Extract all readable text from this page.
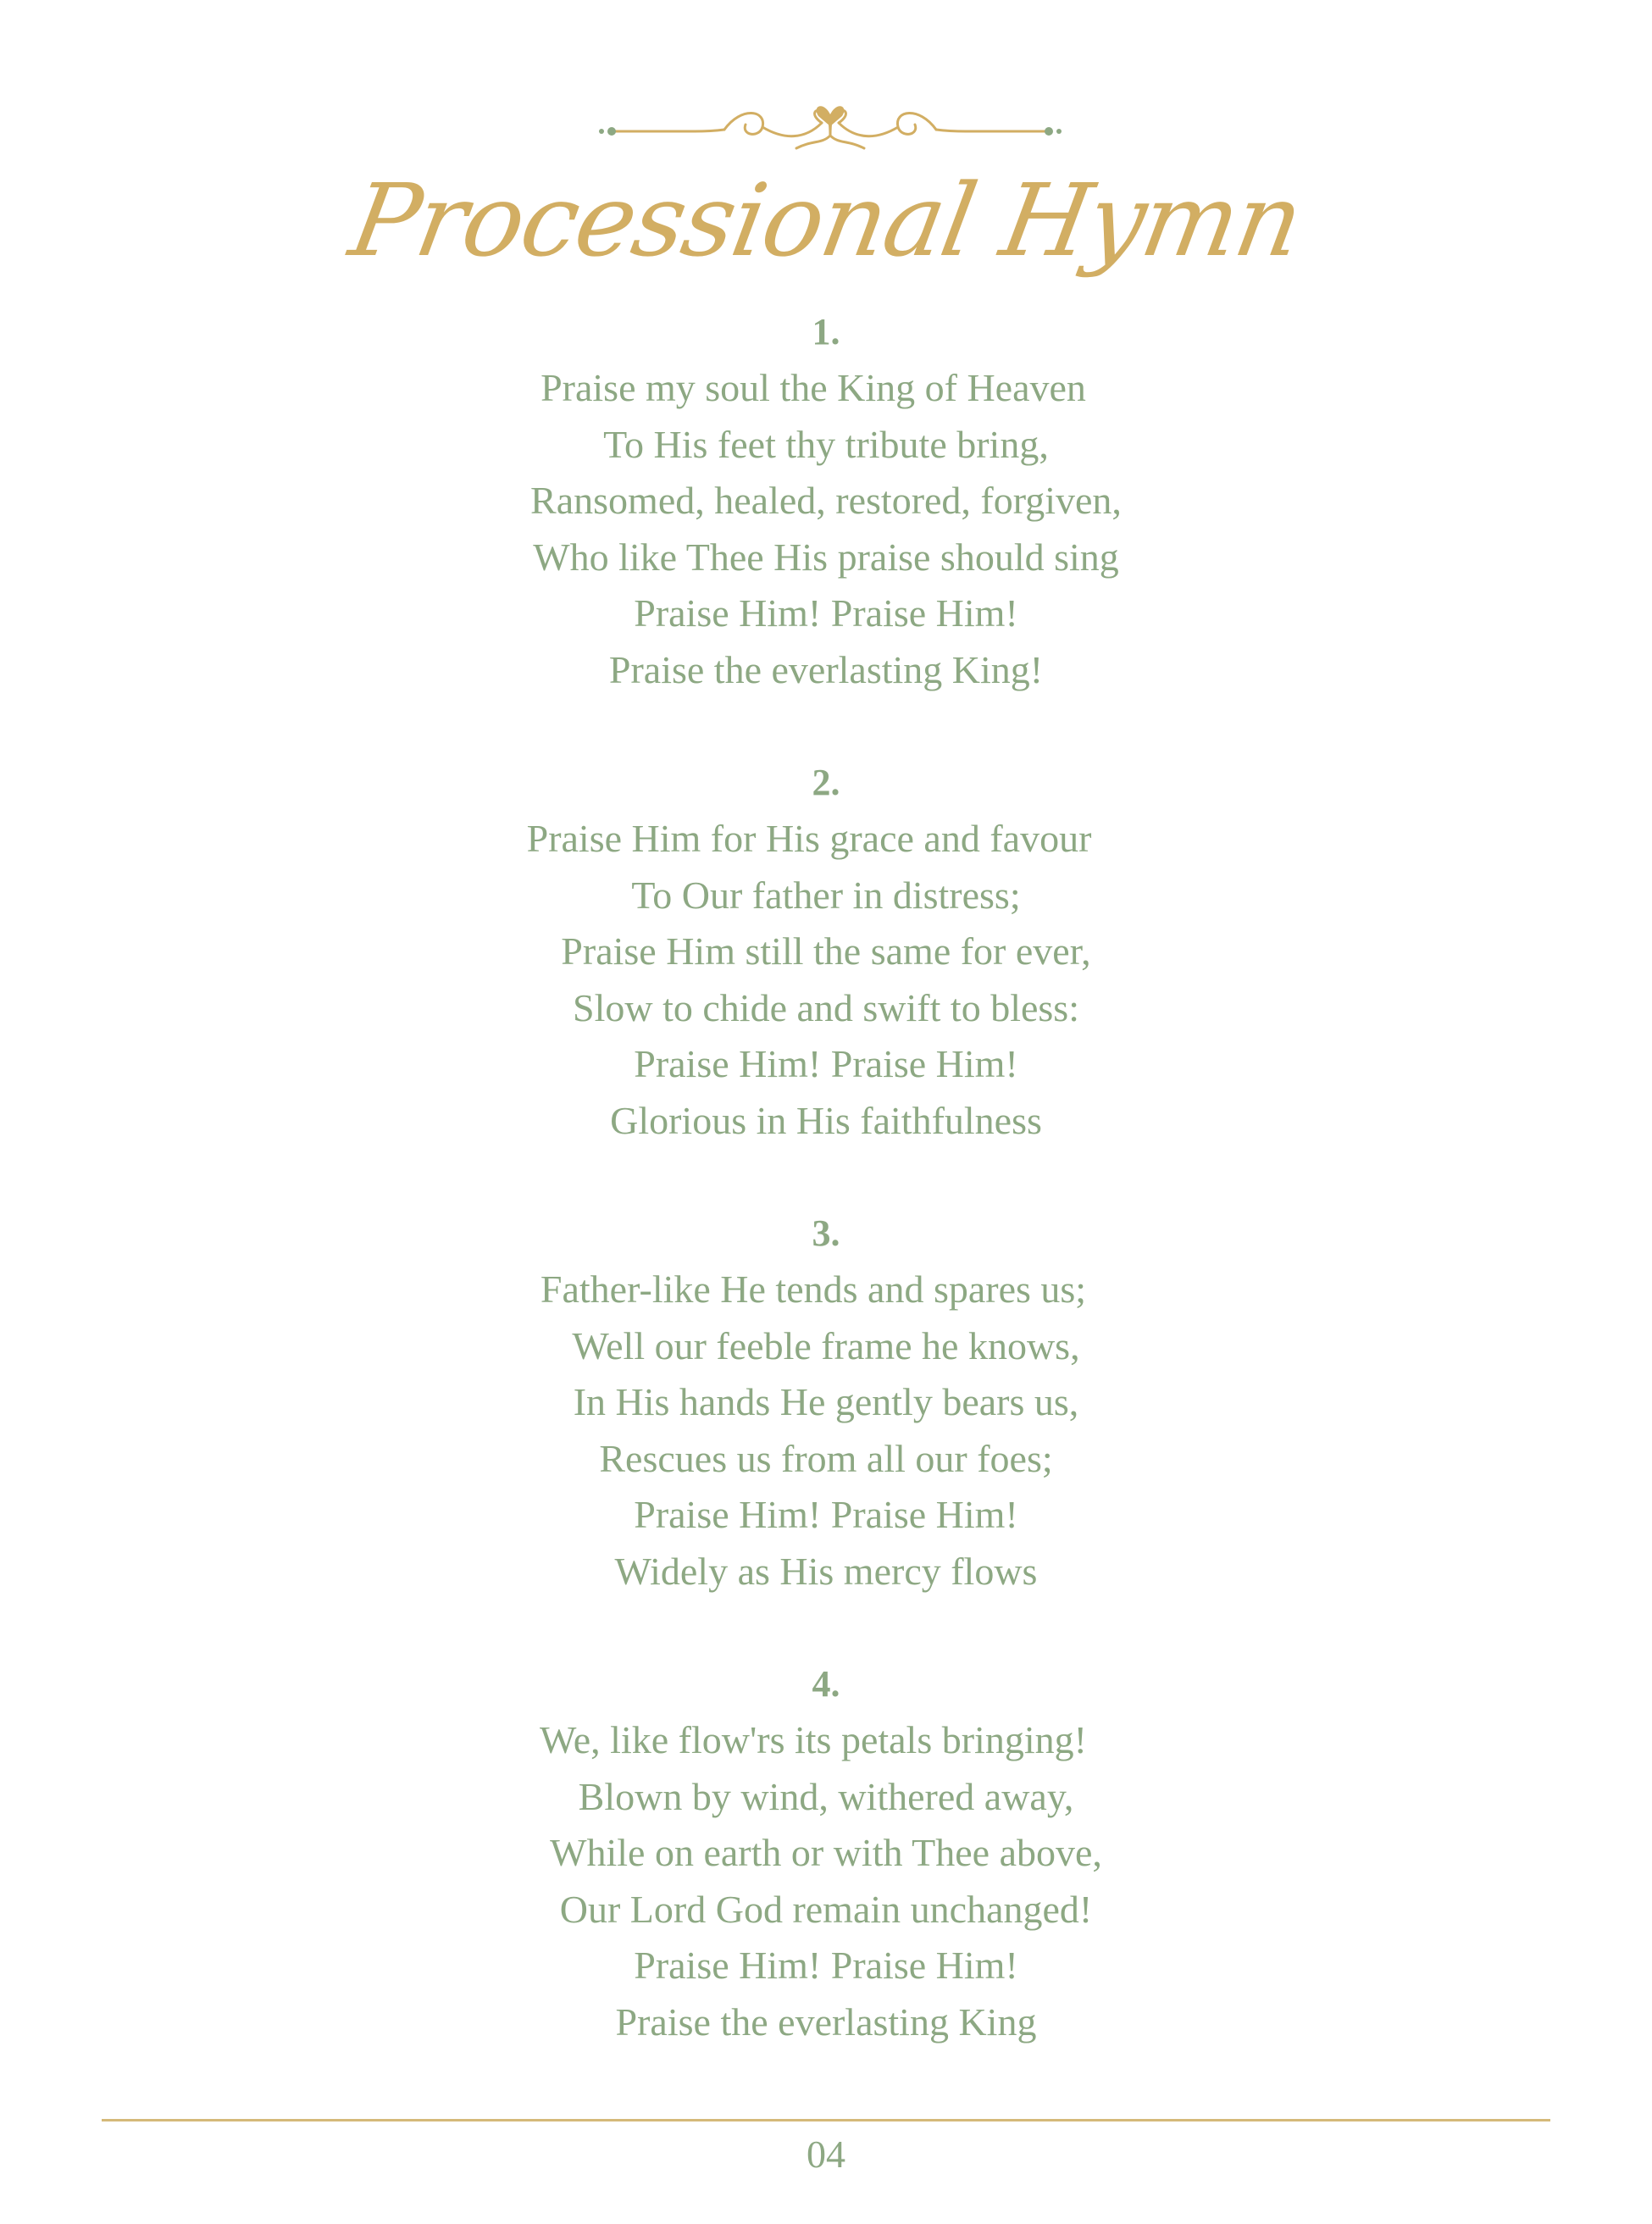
Processional Hymn
1.
Praise my soul the King of Heaven
To His feet thy tribute bring,
Ransomed, healed, restored, forgiven,
Who like Thee His praise should sing
Praise Him! Praise Him!
Praise the everlasting King!
2.
Praise Him for His grace and favour
To Our father in distress;
Praise Him still the same for ever,
Slow to chide and swift to bless:
Praise Him! Praise Him!
Glorious in His faithfulness
3.
Father-like He tends and spares us;
Well our feeble frame he knows,
In His hands He gently bears us,
Rescues us from all our foes;
Praise Him! Praise Him!
Widely as His mercy flows
4.
We, like flow'rs its petals bringing!
Blown by wind, withered away,
While on earth or with Thee above,
Our Lord God remain unchanged!
Praise Him! Praise Him!
Praise the everlasting King
04
